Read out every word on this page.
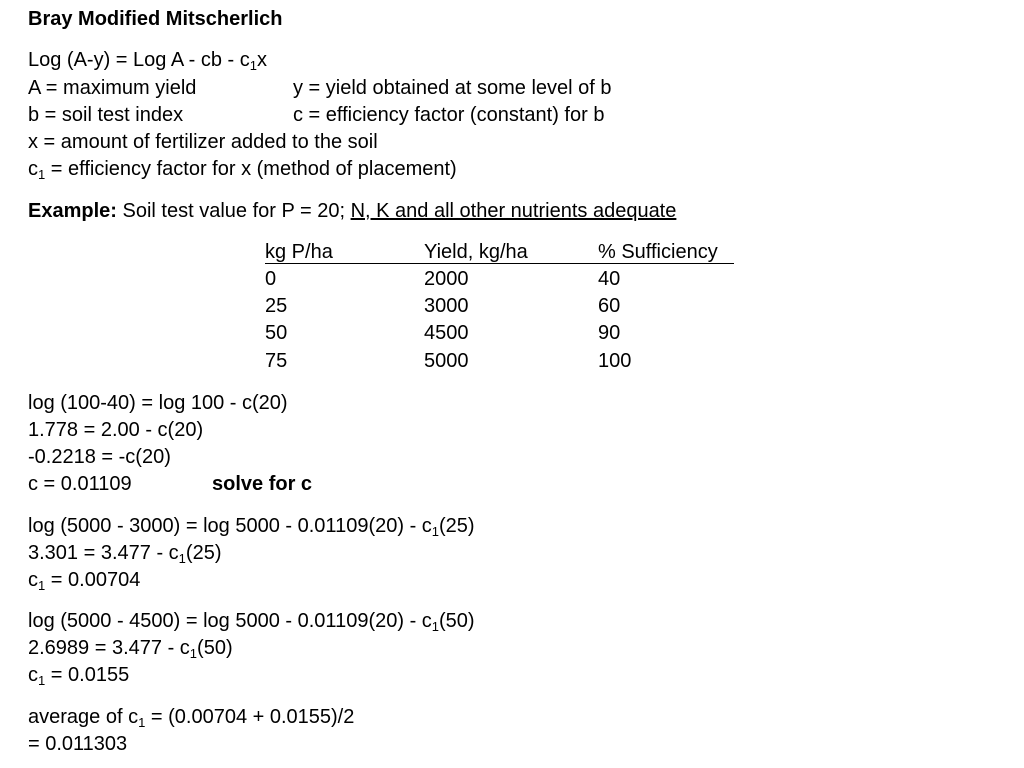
Bray Modified Mitscherlich
Log (A-y) = Log A - cb - $c_1x$
A = maximum yield	y = yield obtained at some level of b
b = soil test index	c = efficiency factor (constant) for b
x = amount of fertilizer added to the soil
$c_1$ = efficiency factor for x (method of placement)
Example: Soil test value for P = 20; N, K and all other nutrients adequate
kg P/ha	Yield, kg/ha	% Sufficiency
0	2000	40
25	3000	60
50	4500	90
75	5000	100
log (100-40) = log 100 - c(20)
1.778 = 2.00 - c(20)
-0.2218 = -c(20)
c = 0.01109	solve for c
$\log (5000 - 3000) = \log 5000 - 0.01109(20) - c_1(25)$
$3.301 = 3.477 - c_1(25)$
$c_1 = 0.00704$
$\log (5000 - 4500) = \log 5000 - 0.01109(20) - c_1(50)$
$2.6989 = 3.477 - c_1(50)$
$c_1 = 0.0155$
average of $c_1 = (0.00704 + 0.0155)/2$
= 0.011303
